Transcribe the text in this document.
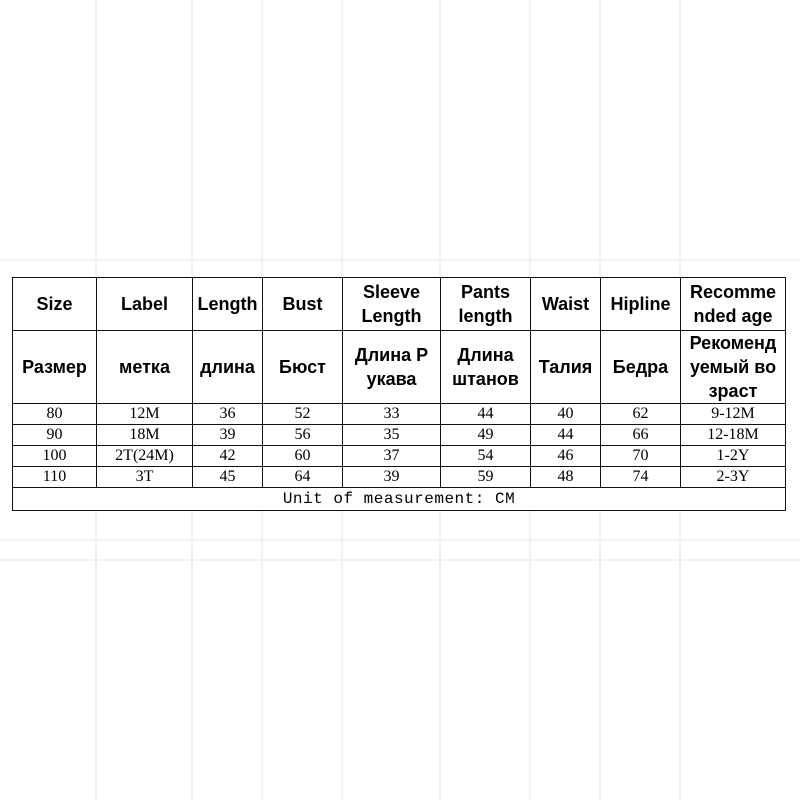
Size	Label	Length	Bust	Sleeve Length	Pants length	Waist	Hipline	Recomme nded age
Размер	метка	длина	Бюст	Длина Р укава	Длина штанов	Талия	Бедра	Рекоменд уемый во зраст
80	12M	36	52	33	44	40	62	9-12M
90	18M	39	56	35	49	44	66	12-18M
100	2T(24M)	42	60	37	54	46	70	1-2Y
110	3T	45	64	39	59	48	74	2-3Y
Unit of measurement: CM								
